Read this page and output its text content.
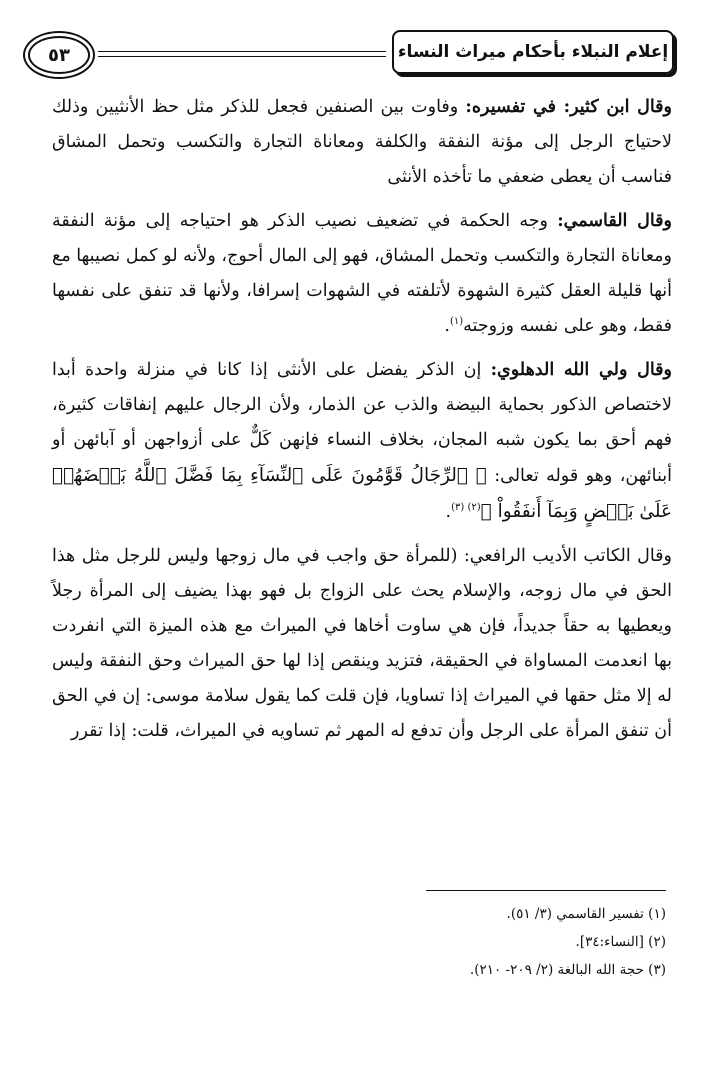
٥٣	إعلام النبلاء بأحكام ميراث النساء

وقال ابن كثير: في تفسيره: وفاوت بين الصنفين فجعل للذكر مثل حظ الأنثيين وذلك لاحتياج الرجل إلى مؤنة النفقة والكلفة ومعاناة التجارة والتكسب وتحمل المشاق فناسب أن يعطى ضعفي ما تأخذه الأنثى

وقال القاسمي: وجه الحكمة في تضعيف نصيب الذكر هو احتياجه إلى مؤنة النفقة ومعاناة التجارة والتكسب وتحمل المشاق، فهو إلى المال أحوج، ولأنه لو كمل نصيبها مع أنها قليلة العقل كثيرة الشهوة لأتلفته في الشهوات إسرافا، ولأنها قد تنفق على نفسها فقط، وهو على نفسه وزوجته$^{(١)}$.

وقال ولي الله الدهلوي: إن الذكر يفضل على الأنثى إذا كانا في منزلة واحدة أبدا لاختصاص الذكور بحماية البيضة والذب عن الذمار، ولأن الرجال عليهم إنفاقات كثيرة، فهم أحق بما يكون شبه المجان، بخلاف النساء فإنهن كَلٌّ على أزواجهن أو آبائهن أو أبنائهن، وهو قوله تعالى: ﴿ ٱلرِّجَالُ قَوَّٰمُونَ عَلَى ٱلنِّسَآءِ بِمَا فَضَّلَ ٱللَّهُ بَعۡضَهُمۡ عَلَىٰ بَعۡضٍ وَبِمَآ أَنفَقُواْ ﴾$^{(٢) (٣)}$.

وقال الكاتب الأديب الرافعي: (للمرأة حق واجب في مال زوجها وليس للرجل مثل هذا الحق في مال زوجه، والإسلام يحث على الزواج بل فهو بهذا يضيف إلى المرأة رجلاً ويعطيها به حقاً جديداً، فإن هي ساوت أخاها في الميراث مع هذه الميزة التي انفردت بها انعدمت المساواة في الحقيقة، فتزيد وينقص إذا لها حق الميراث وحق النفقة وليس له إلا مثل حقها في الميراث إذا تساويا، فإن قلت كما يقول سلامة موسى: إن في الحق أن تنفق المرأة على الرجل وأن تدفع له المهر ثم تساويه في الميراث، قلت: إذا تقرر

(١) تفسير القاسمي (٣/ ٥١).

(٢) [النساء:٣٤].

(٣) حجة الله البالغة (٢/ ٢٠٩- ٢١٠).
